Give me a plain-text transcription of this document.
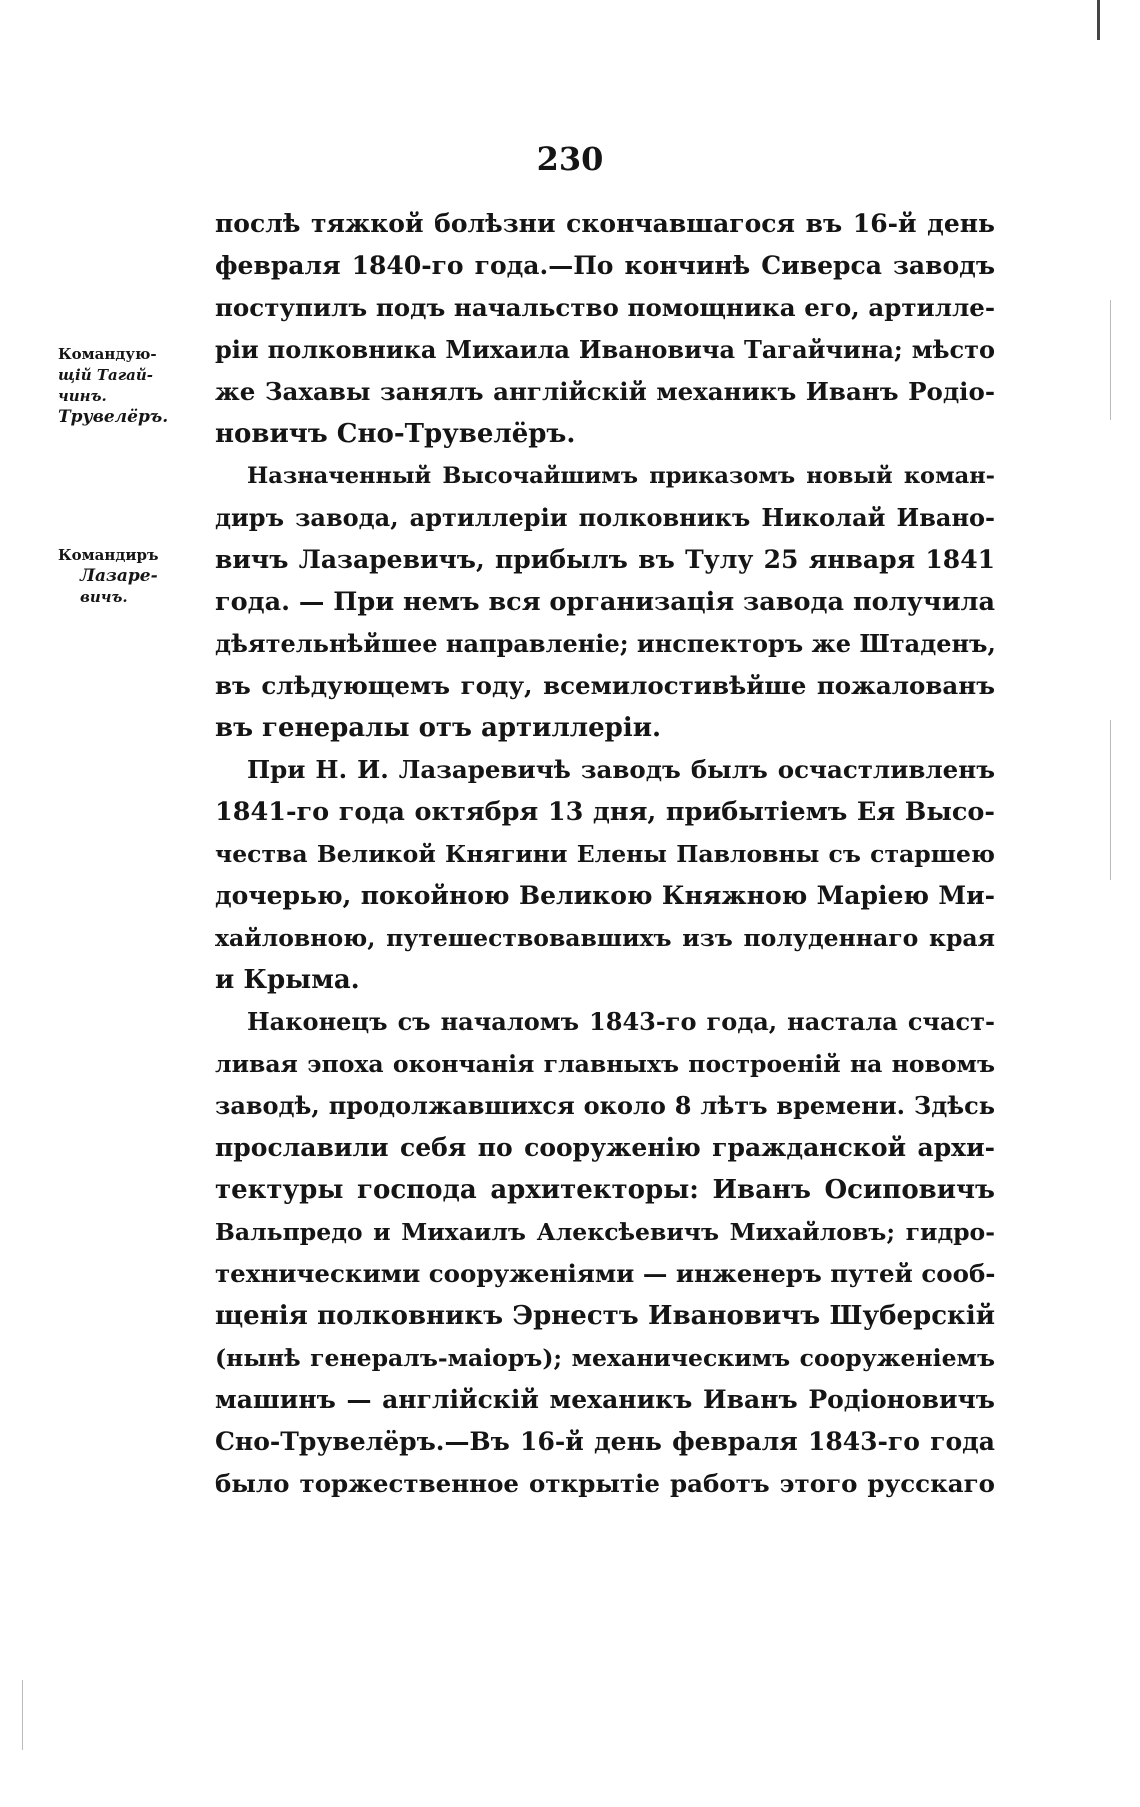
230
Командую-
щій Тагай-
чинъ.
Трувелёръ.
Командиръ
Лазаре-
вичъ.
послѣ тяжкой болѣзни скончавшагося въ 16-й день
февраля 1840-го года.—По кончинѣ Сиверса заводъ
поступилъ подъ начальство помощника его, артилле-
ріи полковника Михаила Ивановича Тагайчина; мѣсто
же Захавы занялъ англійскій механикъ Иванъ Родіо-
новичъ Сно-Трувелёръ.
Назначенный Высочайшимъ приказомъ новый коман-
диръ завода, артиллеріи полковникъ Николай Ивано-
вичъ Лазаревичъ, прибылъ въ Тулу 25 января 1841
года. — При немъ вся организація завода получила
дѣятельнѣйшее направленіе; инспекторъ же Штаденъ,
въ слѣдующемъ году, всемилостивѣйше пожалованъ
въ генералы отъ артиллеріи.
При Н. И. Лазаревичѣ заводъ былъ осчастливленъ
1841-го года октября 13 дня, прибытіемъ Ея Высо-
чества Великой Княгини Елены Павловны съ старшею
дочерью, покойною Великою Княжною Маріею Ми-
хайловною, путешествовавшихъ изъ полуденнаго края
и Крыма.
Наконецъ съ началомъ 1843-го года, настала счаст-
ливая эпоха окончанія главныхъ построеній на новомъ
заводѣ, продолжавшихся около 8 лѣтъ времени. Здѣсь
прославили себя по сооруженію гражданской архи-
тектуры господа архитекторы: Иванъ Осиповичъ
Вальпредо и Михаилъ Алексѣевичъ Михайловъ; гидро-
техническими сооруженіями — инженеръ путей сооб-
щенія полковникъ Эрнестъ Ивановичъ Шуберскій
(нынѣ генералъ-маіоръ); механическимъ сооруженіемъ
машинъ — англійскій механикъ Иванъ Родіоновичъ
Сно-Трувелёръ.—Въ 16-й день февраля 1843-го года
было торжественное открытіе работъ этого русскаго
